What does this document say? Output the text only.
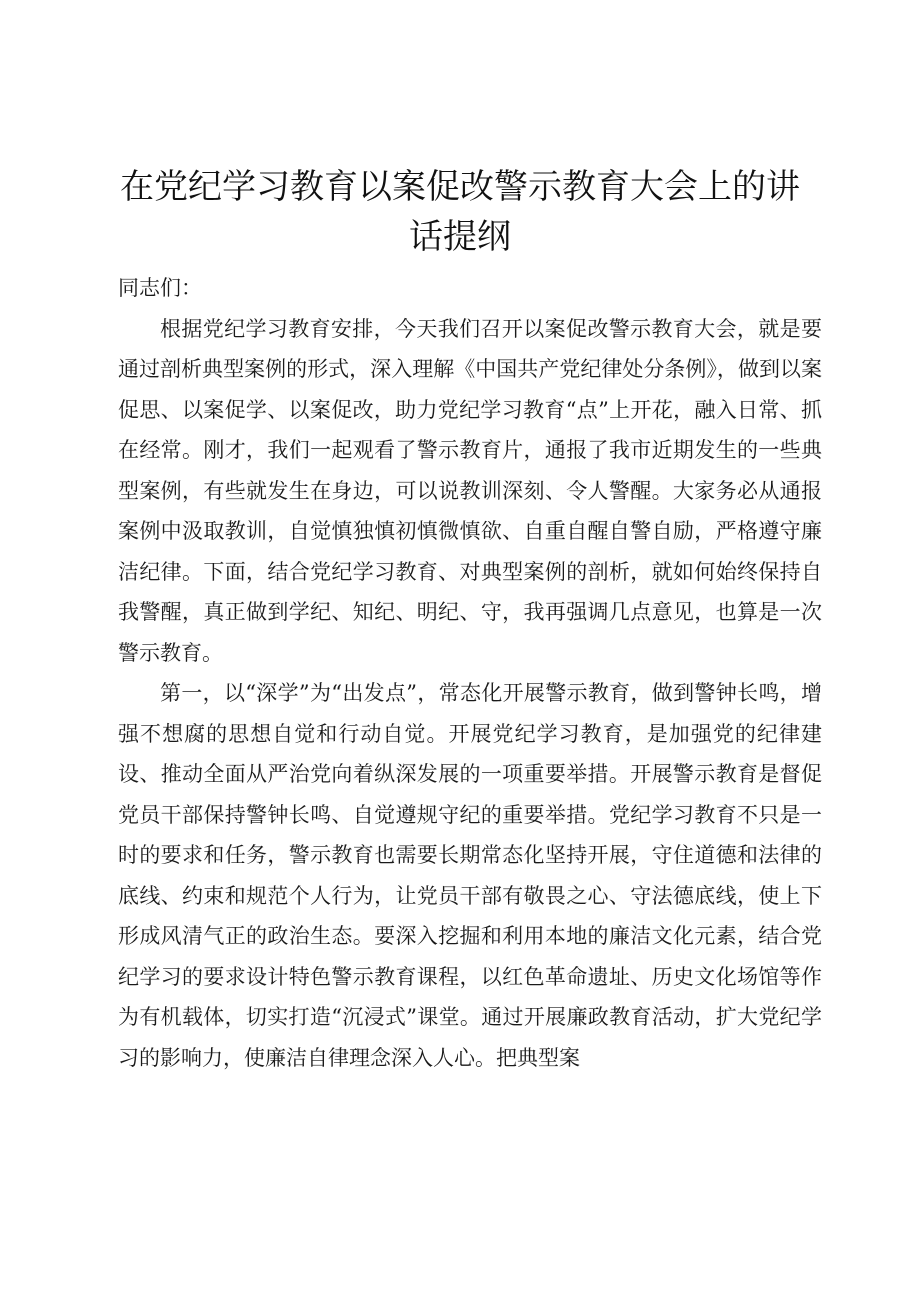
在党纪学习教育以案促改警示教育大会上的讲话提纲

同志们：

根据党纪学习教育安排，今天我们召开以案促改警示教育大会，就是要通过剖析典型案例的形式，深入理解《中国共产党纪律处分条例》，做到以案促思、以案促学、以案促改，助力党纪学习教育“点”上开花，融入日常、抓在经常。刚才，我们一起观看了警示教育片，通报了我市近期发生的一些典型案例，有些就发生在身边，可以说教训深刻、令人警醒。大家务必从通报案例中汲取教训，自觉慎独慎初慎微慎欲、自重自醒自警自励，严格遵守廉洁纪律。下面，结合党纪学习教育、对典型案例的剖析，就如何始终保持自我警醒，真正做到学纪、知纪、明纪、守，我再强调几点意见，也算是一次警示教育。

第一，以“深学”为“出发点”，常态化开展警示教育，做到警钟长鸣，增强不想腐的思想自觉和行动自觉。开展党纪学习教育，是加强党的纪律建设、推动全面从严治党向着纵深发展的一项重要举措。开展警示教育是督促党员干部保持警钟长鸣、自觉遵规守纪的重要举措。党纪学习教育不只是一时的要求和任务，警示教育也需要长期常态化坚持开展，守住道德和法律的底线、约束和规范个人行为，让党员干部有敬畏之心、守法德底线，使上下形成风清气正的政治生态。要深入挖掘和利用本地的廉洁文化元素，结合党纪学习的要求设计特色警示教育课程，以红色革命遗址、历史文化场馆等作为有机载体，切实打造“沉浸式”课堂。通过开展廉政教育活动，扩大党纪学习的影响力，使廉洁自律理念深入人心。把典型案
